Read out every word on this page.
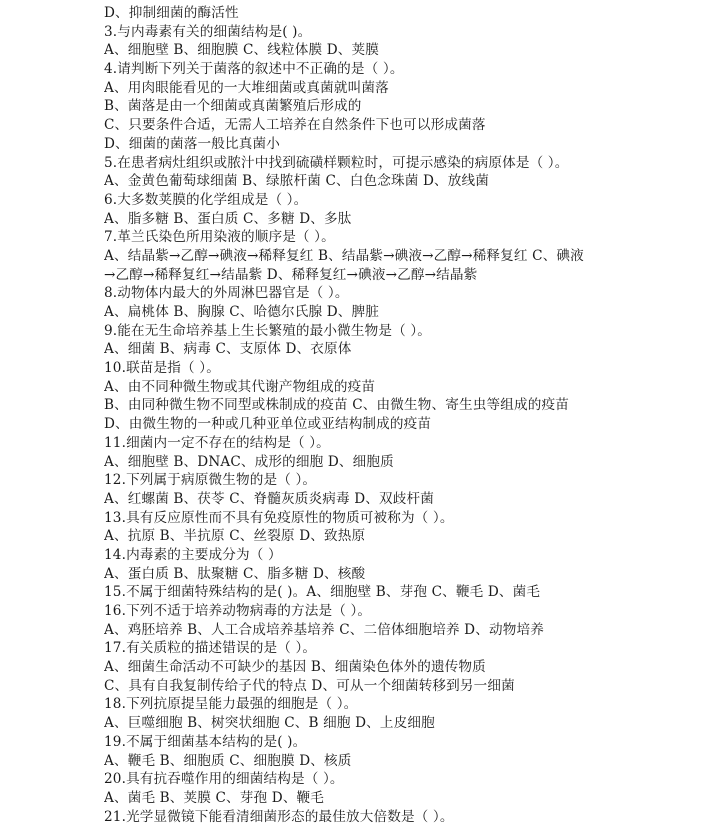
D、抑制细菌的酶活性
3.与内毒素有关的细菌结构是( )。
A、细胞壁 B、细胞膜 C、线粒体膜 D、荚膜
4.请判断下列关于菌落的叙述中不正确的是（ ）。
A、用肉眼能看见的一大堆细菌或真菌就叫菌落
B、菌落是由一个细菌或真菌繁殖后形成的
C、只要条件合适，无需人工培养在自然条件下也可以形成菌落
D、细菌的菌落一般比真菌小
5.在患者病灶组织或脓汁中找到硫磺样颗粒时，可提示感染的病原体是（ ）。
A、金黄色葡萄球细菌 B、绿脓杆菌 C、白色念珠菌 D、放线菌
6.大多数荚膜的化学组成是（ ）。
A、脂多糖 B、蛋白质 C、多糖 D、多肽
7.革兰氏染色所用染液的顺序是（ ）。
A、结晶紫→乙醇→碘液→稀释复红 B、结晶紫→碘液→乙醇→稀释复红 C、碘液
→乙醇→稀释复红→结晶紫 D、稀释复红→碘液→乙醇→结晶紫
8.动物体内最大的外周淋巴器官是（ ）。
A、扁桃体 B、胸腺 C、哈德尔氏腺 D、脾脏
9.能在无生命培养基上生长繁殖的最小微生物是（ ）。
A、细菌 B、病毒 C、支原体 D、衣原体
10.联苗是指（ ）。
A、由不同种微生物或其代谢产物组成的疫苗
B、由同种微生物不同型或株制成的疫苗 C、由微生物、寄生虫等组成的疫苗
D、由微生物的一种或几种亚单位或亚结构制成的疫苗
11.细菌内一定不存在的结构是（ ）。
A、细胞壁 B、DNAC、成形的细胞 D、细胞质
12.下列属于病原微生物的是（ ）。
A、红螺菌 B、茯苓 C、脊髓灰质炎病毒 D、双歧杆菌
13.具有反应原性而不具有免疫原性的物质可被称为（ ）。
A、抗原 B、半抗原 C、丝裂原 D、致热原
14.内毒素的主要成分为（ ）
A、蛋白质 B、肽聚糖 C、脂多糖 D、核酸
15.不属于细菌特殊结构的是( )。A、细胞壁 B、芽孢 C、鞭毛 D、菌毛
16.下列不适于培养动物病毒的方法是（ ）。
A、鸡胚培养 B、人工合成培养基培养 C、二倍体细胞培养 D、动物培养
17.有关质粒的描述错误的是（ ）。
A、细菌生命活动不可缺少的基因 B、细菌染色体外的遗传物质
C、具有自我复制传给子代的特点 D、可从一个细菌转移到另一细菌
18.下列抗原提呈能力最强的细胞是（ ）。
A、巨噬细胞 B、树突状细胞 C、B 细胞 D、上皮细胞
19.不属于细菌基本结构的是( )。
A、鞭毛 B、细胞质 C、细胞膜 D、核质
20.具有抗吞噬作用的细菌结构是（ ）。
A、菌毛 B、荚膜 C、芽孢 D、鞭毛
21.光学显微镜下能看清细菌形态的最佳放大倍数是（ ）。
